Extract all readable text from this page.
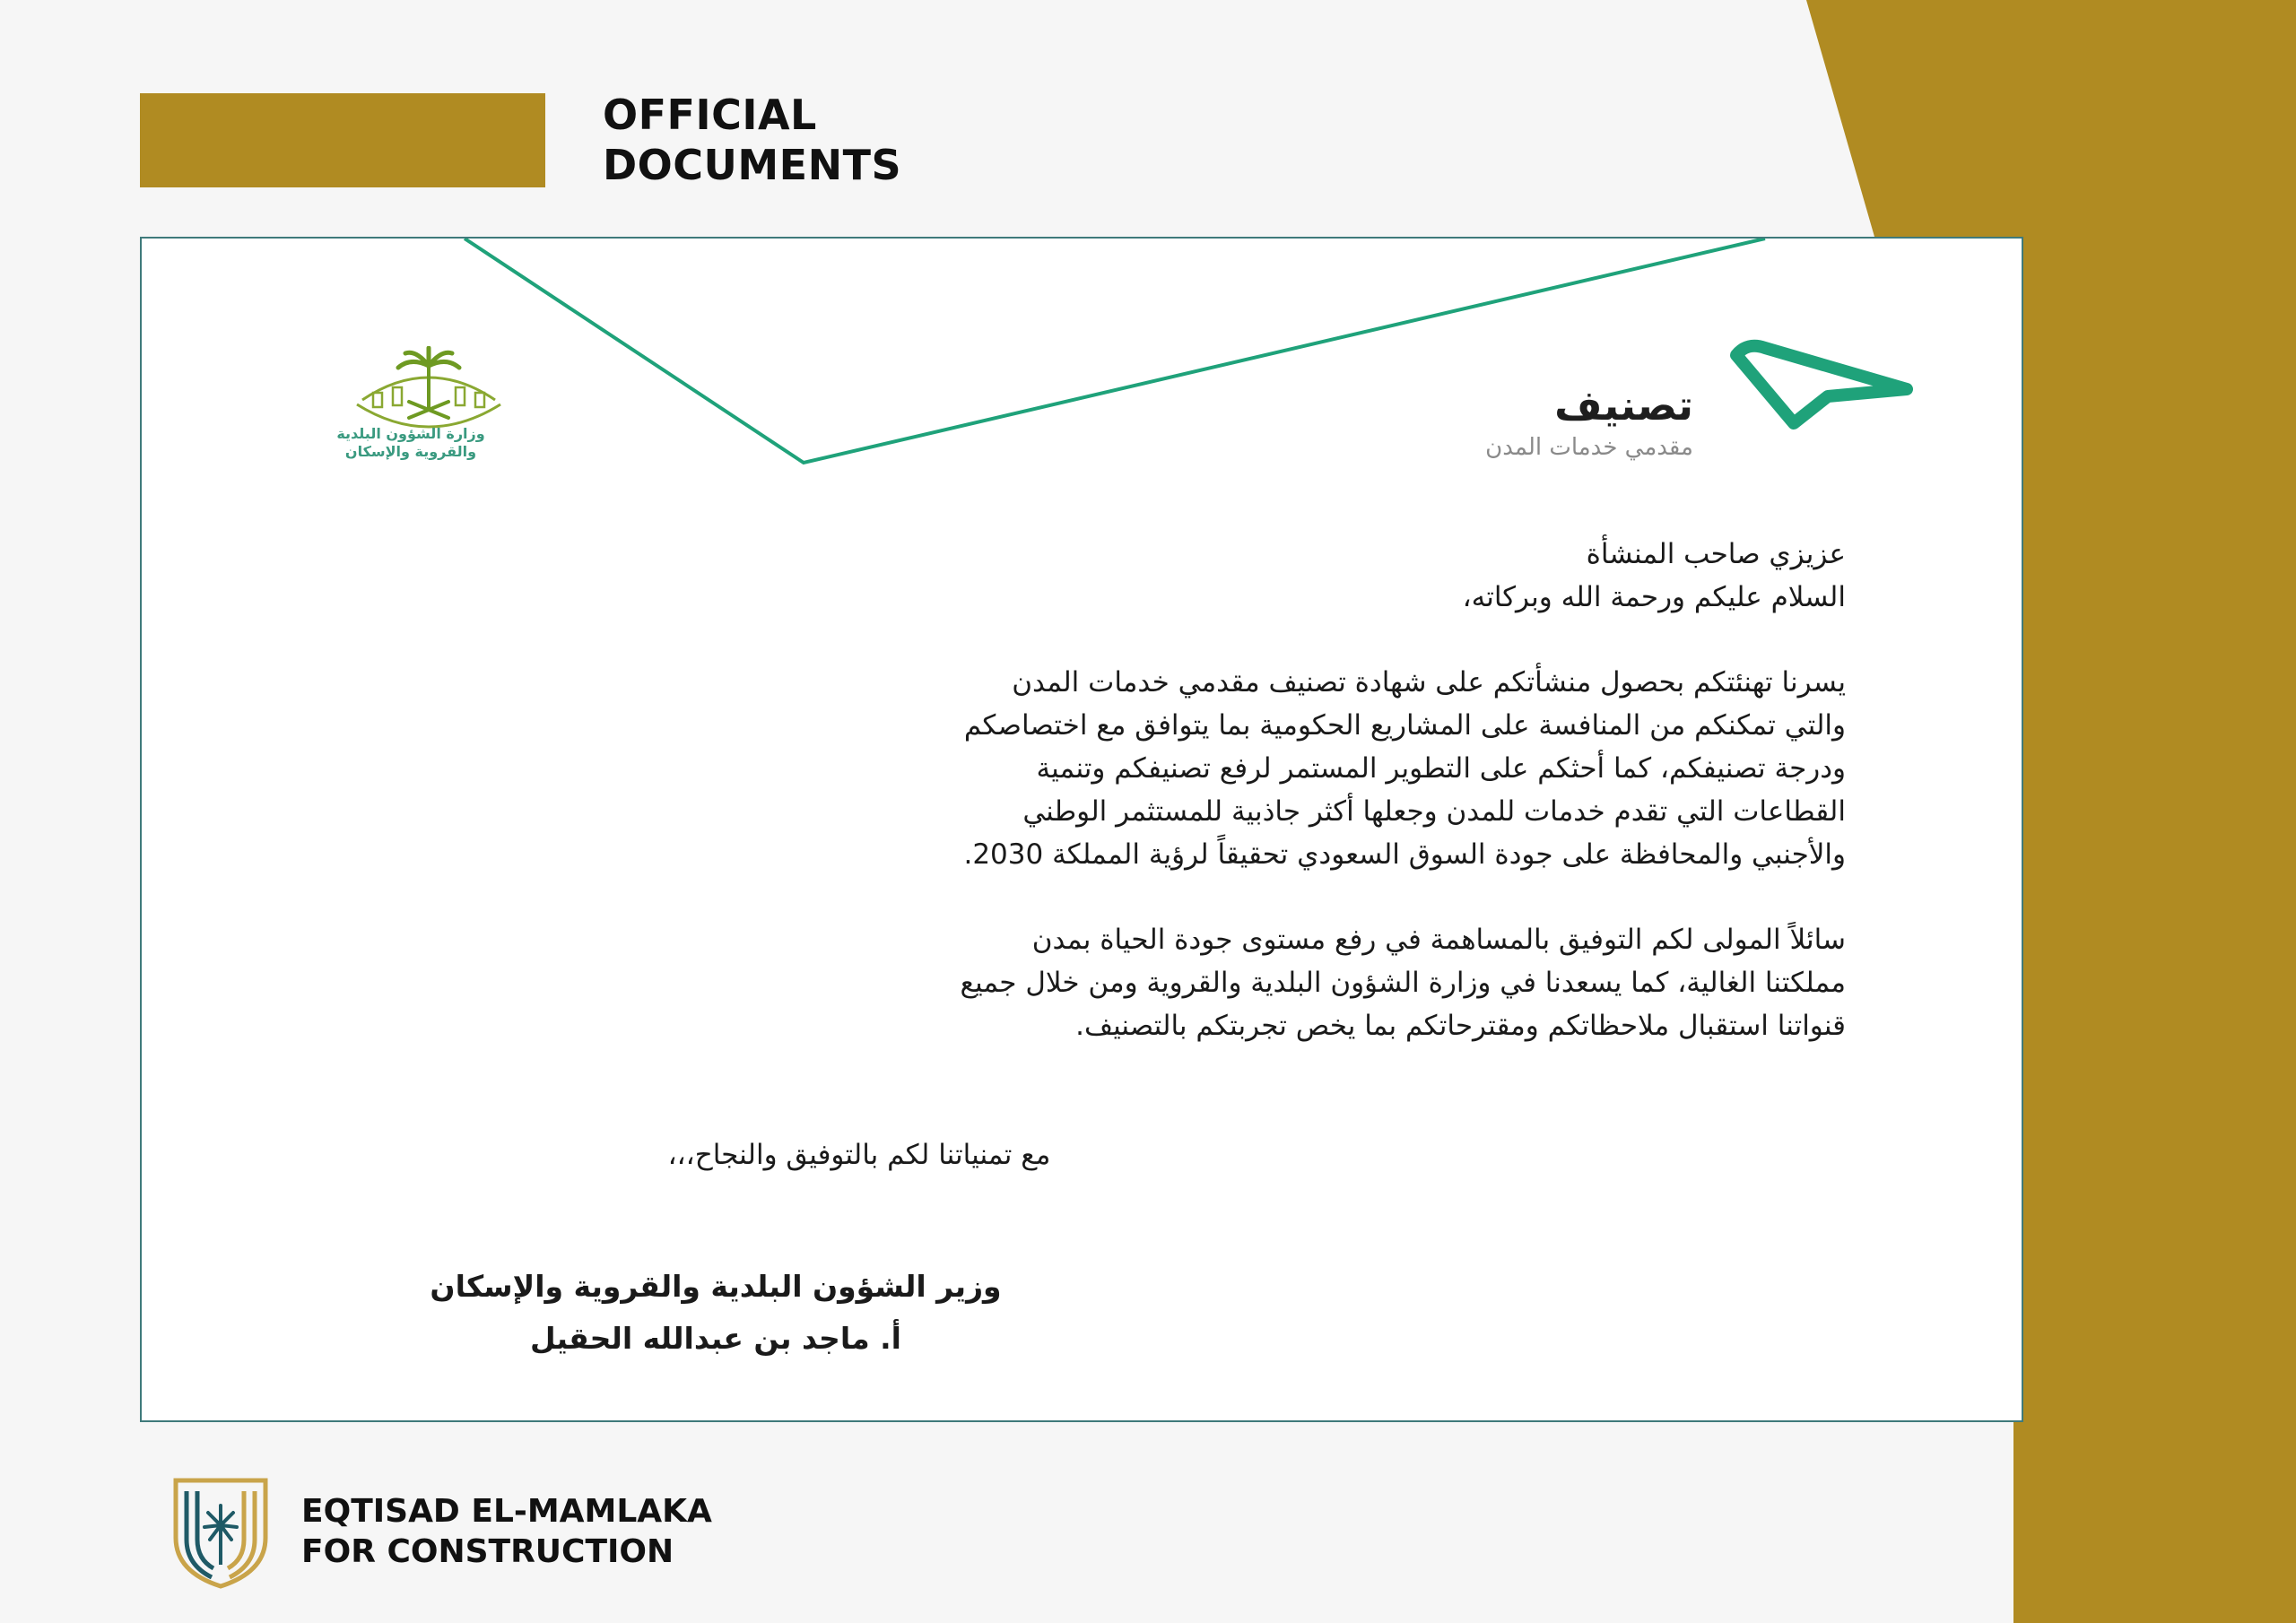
OFFICIAL
DOCUMENTS
وزارة الشؤون البلدية
والقروية والإسكان
تصنيف
مقدمي خدمات المدن

عزيزي صاحب المنشأة

السلام عليكم ورحمة الله وبركاته،

يسرنا تهنئتكم بحصول منشأتكم على شهادة تصنيف مقدمي خدمات المدن

والتي تمكنكم من المنافسة على المشاريع الحكومية بما يتوافق مع اختصاصكم

ودرجة تصنيفكم، كما أحثكم على التطوير المستمر لرفع تصنيفكم وتنمية

القطاعات التي تقدم خدمات للمدن وجعلها أكثر جاذبية للمستثمر الوطني

والأجنبي والمحافظة على جودة السوق السعودي تحقيقاً لرؤية المملكة 2030.

سائلاً المولى لكم التوفيق بالمساهمة في رفع مستوى جودة الحياة بمدن

مملكتنا الغالية، كما يسعدنا في وزارة الشؤون البلدية والقروية ومن خلال جميع

قنواتنا استقبال ملاحظاتكم ومقترحاتكم بما يخص تجربتكم بالتصنيف.

مع تمنياتنا لكم بالتوفيق والنجاح،،،
وزير الشؤون البلدية والقروية والإسكان
أ. ماجد بن عبدالله الحقيل
EQTISAD EL-MAMLAKA
FOR CONSTRUCTION
